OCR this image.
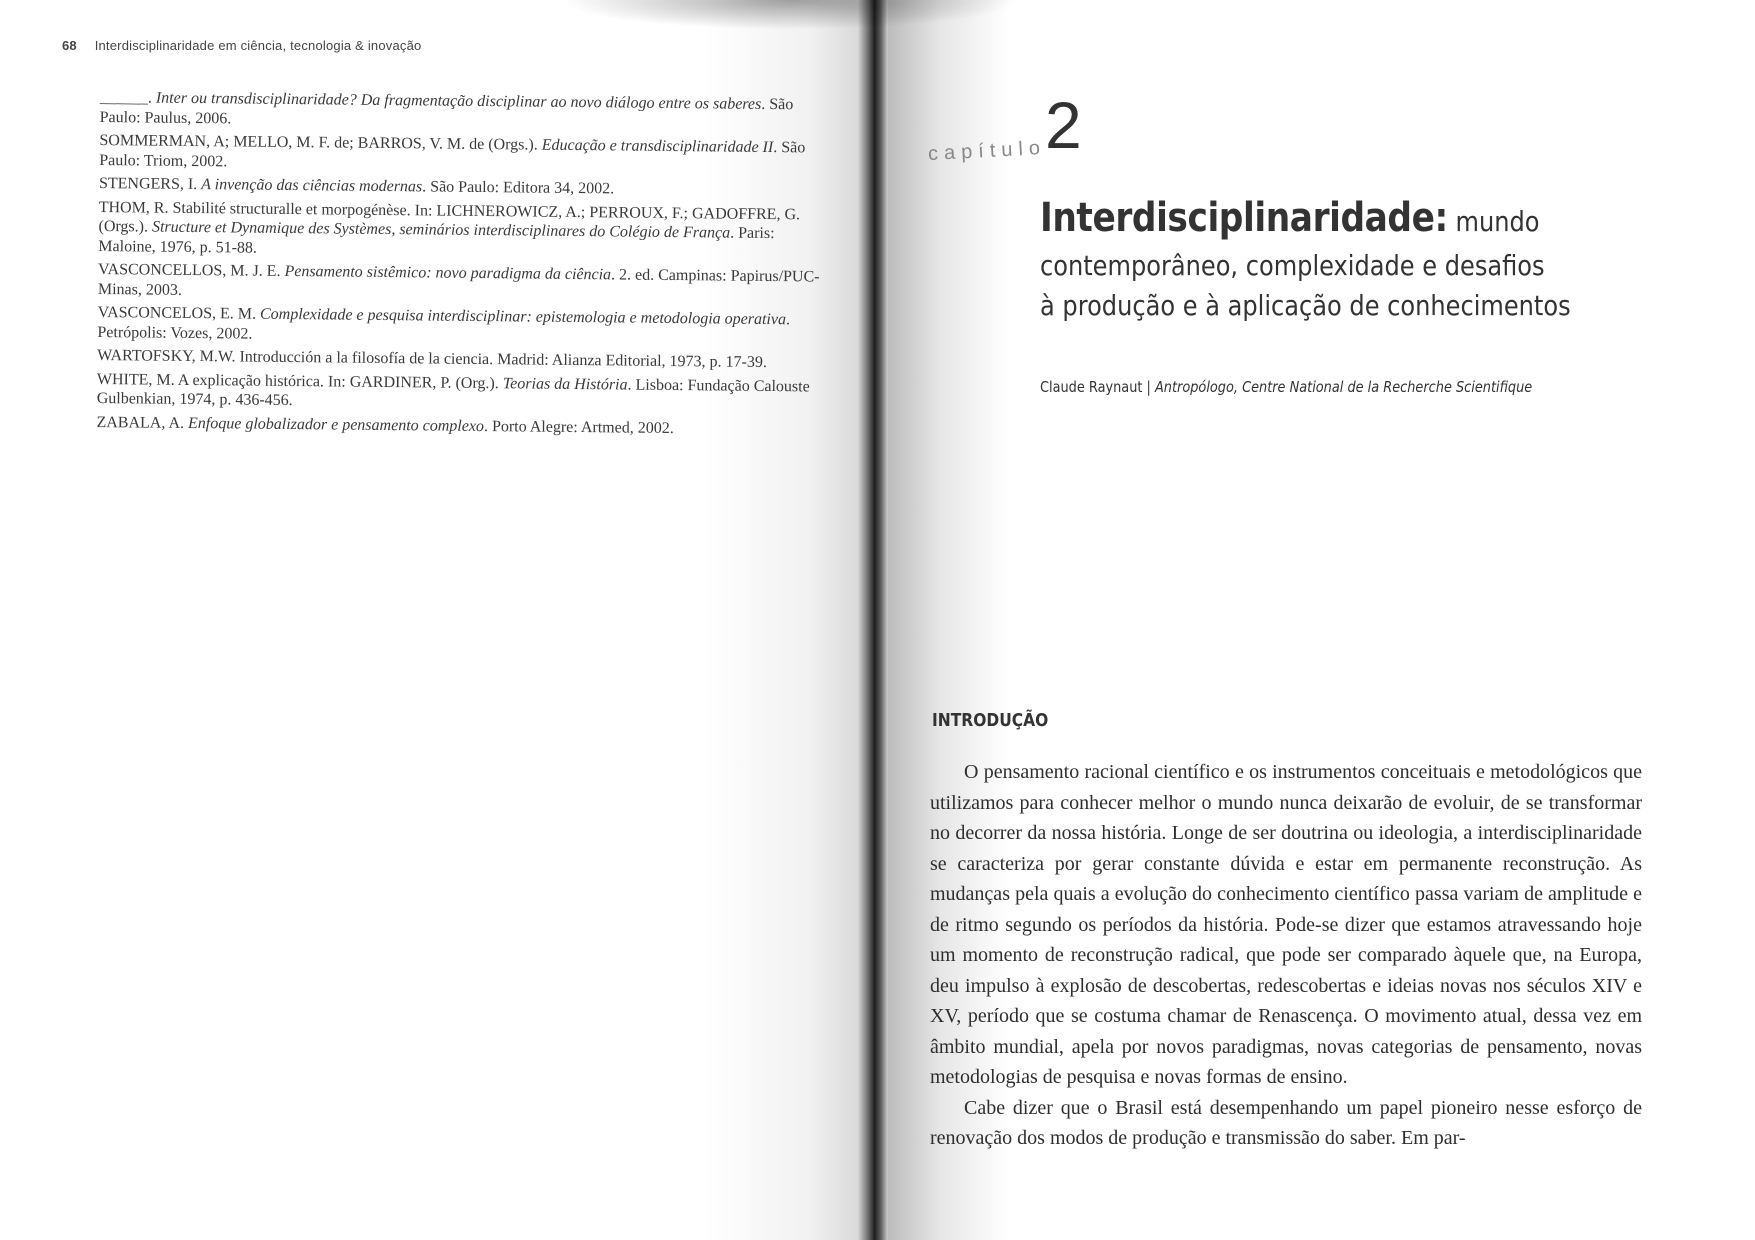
68 Interdisciplinaridade em ciência, tecnologia & inovação

______. Inter ou transdisciplinaridade? Da fragmentação disciplinar ao novo diálogo entre os saberes. São Paulo: Paulus, 2006.

SOMMERMAN, A; MELLO, M. F. de; BARROS, V. M. de (Orgs.). Educação e transdisciplinaridade II. São Paulo: Triom, 2002.

STENGERS, I. A invenção das ciências modernas. São Paulo: Editora 34, 2002.

THOM, R. Stabilité structuralle et morpogénèse. In: LICHNEROWICZ, A.; PERROUX, F.; GADOFFRE, G. (Orgs.). Structure et Dynamique des Systèmes, seminários interdisciplinares do Colégio de França. Paris: Maloine, 1976, p. 51-88.

VASCONCELLOS, M. J. E. Pensamento sistêmico: novo paradigma da ciência. 2. ed. Campinas: Papirus/PUC-Minas, 2003.

VASCONCELOS, E. M. Complexidade e pesquisa interdisciplinar: epistemologia e metodologia operativa. Petrópolis: Vozes, 2002.

WARTOFSKY, M.W. Introducción a la filosofía de la ciencia. Madrid: Alianza Editorial, 1973, p. 17-39.

WHITE, M. A explicação histórica. In: GARDINER, P. (Org.). Teorias da História. Lisboa: Fundação Calouste Gulbenkian, 1974, p. 436-456.

ZABALA, A. Enfoque globalizador e pensamento complexo. Porto Alegre: Artmed, 2002.

capítulo
2
Interdisciplinaridade: mundo
contemporâneo, complexidade e desafios
à produção e à aplicação de conhecimentos
Claude Raynaut | Antropólogo, Centre National de la Recherche Scientifique
INTRODUÇÃO

O pensamento racional científico e os instrumentos conceituais e metodológicos que utilizamos para conhecer melhor o mundo nunca deixarão de evoluir, de se transformar no decorrer da nossa história. Longe de ser doutrina ou ideologia, a interdisciplinaridade se caracteriza por gerar constante dúvida e estar em permanente reconstrução. As mudanças pela quais a evolução do conhecimento científico passa variam de amplitude e de ritmo segundo os períodos da história. Pode-se dizer que estamos atravessando hoje um momento de reconstrução radical, que pode ser comparado àquele que, na Europa, deu impulso à explosão de descobertas, redescobertas e ideias novas nos séculos XIV e XV, período que se costuma chamar de Renascença. O movimento atual, dessa vez em âmbito mundial, apela por novos paradigmas, novas categorias de pensamento, novas metodologias de pesquisa e novas formas de ensino.

Cabe dizer que o Brasil está desempenhando um papel pioneiro nesse esforço de renovação dos modos de produção e transmissão do saber. Em par-
